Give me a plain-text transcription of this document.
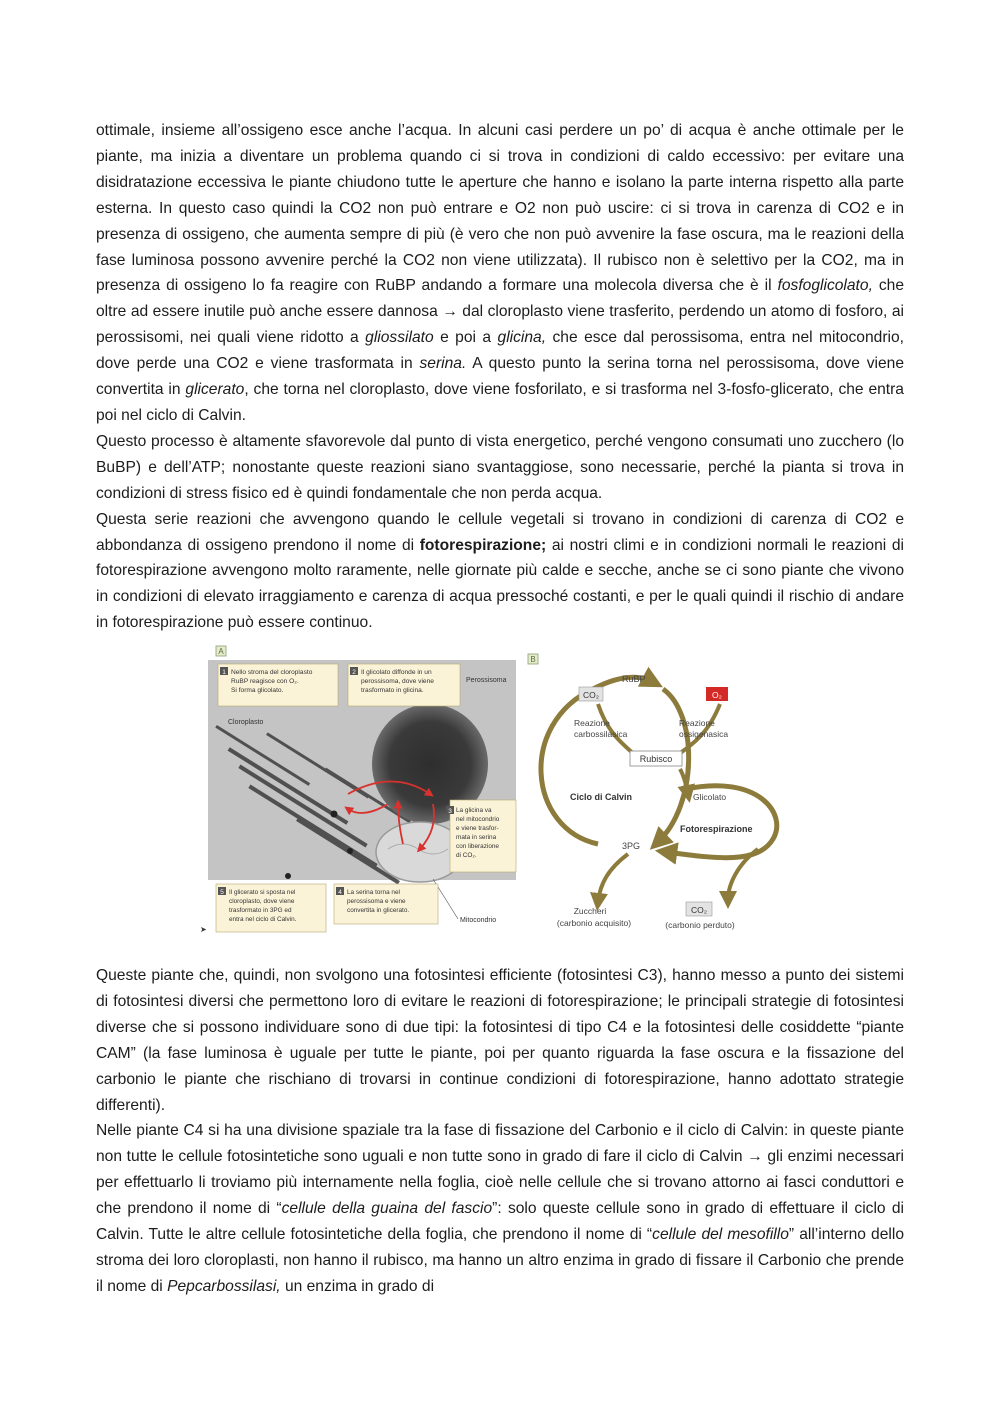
ottimale, insieme all’ossigeno esce anche l’acqua. In alcuni casi perdere un po’ di acqua è anche ottimale per le piante, ma inizia a diventare un problema quando ci si trova in condizioni di caldo eccessivo: per evitare una disidratazione eccessiva le piante chiudono tutte le aperture che hanno e isolano la parte interna rispetto alla parte esterna. In questo caso quindi la CO2 non può entrare e O2 non può uscire: ci si trova in carenza di CO2 e in presenza di ossigeno, che aumenta sempre di più (è vero che non può avvenire la fase oscura, ma le reazioni della fase luminosa possono avvenire perché la CO2 non viene utilizzata). Il rubisco non è selettivo per la CO2, ma in presenza di ossigeno lo fa reagire con RuBP andando a formare una molecola diversa che è il fosfoglicolato, che oltre ad essere inutile può anche essere dannosa → dal cloroplasto viene trasferito, perdendo un atomo di fosforo, ai perossisomi, nei quali viene ridotto a gliossilato e poi a glicina, che esce dal perossisoma, entra nel mitocondrio, dove perde una CO2 e viene trasformata in serina. A questo punto la serina torna nel perossisoma, dove viene convertita in glicerato, che torna nel cloroplasto, dove viene fosforilato, e si trasforma nel 3-fosfo-glicerato, che entra poi nel ciclo di Calvin.

Questo processo è altamente sfavorevole dal punto di vista energetico, perché vengono consumati uno zucchero (lo BuBP) e dell’ATP; nonostante queste reazioni siano svantaggiose, sono necessarie, perché la pianta si trova in condizioni di stress fisico ed è quindi fondamentale che non perda acqua.

Questa serie reazioni che avvengono quando le cellule vegetali si trovano in condizioni di carenza di CO2 e abbondanza di ossigeno prendono il nome di fotorespirazione; ai nostri climi e in condizioni normali le reazioni di fotorespirazione avvengono molto raramente, nelle giornate più calde e secche, anche se ci sono piante che vivono in condizioni di elevato irraggiamento e carenza di acqua pressoché costanti, e per le quali quindi il rischio di andare in fotorespirazione può essere continuo.

A
1 Nello stroma del cloroplasto
RuBP reagisce con O₂.
Si forma glicolato.
2 Il glicolato diffonde in un
perossisoma, dove viene
trasformato in glicina.
Perossisoma
Cloroplasto
Mitocondrio
3 La glicina va
nel mitocondrio
e viene trasfor-
mata in serina
con liberazione
di CO₂.
5 Il glicerato si sposta nel
cloroplasto, dove viene
trasformato in 3PG ed
entra nel ciclo di Calvin.
4 La serina torna nel
perossisoma e viene
convertita in glicerato.
➤
B
RuBP
CO₂	O₂
Reazione
carbossilasica
Reazione
ossigenasica
Rubisco
Glicolato
Ciclo di Calvin
Fotorespirazione
3PG
Zuccheri
(carbonio acquisito)
CO₂
(carbonio perduto)

Queste piante che, quindi, non svolgono una fotosintesi efficiente (fotosintesi C3), hanno messo a punto dei sistemi di fotosintesi diversi che permettono loro di evitare le reazioni di fotorespirazione; le principali strategie di fotosintesi diverse che si possono individuare sono di due tipi: la fotosintesi di tipo C4 e la fotosintesi delle cosiddette “piante CAM” (la fase luminosa è uguale per tutte le piante, poi per quanto riguarda la fase oscura e la fissazione del carbonio le piante che rischiano di trovarsi in continue condizioni di fotorespirazione, hanno adottato strategie differenti).

Nelle piante C4 si ha una divisione spaziale tra la fase di fissazione del Carbonio e il ciclo di Calvin: in queste piante non tutte le cellule fotosintetiche sono uguali e non tutte sono in grado di fare il ciclo di Calvin → gli enzimi necessari per effettuarlo li troviamo più internamente nella foglia, cioè nelle cellule che si trovano attorno ai fasci conduttori e che prendono il nome di “cellule della guaina del fascio”: solo queste cellule sono in grado di effettuare il ciclo di Calvin. Tutte le altre cellule fotosintetiche della foglia, che prendono il nome di “cellule del mesofillo” all’interno dello stroma dei loro cloroplasti, non hanno il rubisco, ma hanno un altro enzima in grado di fissare il Carbonio che prende il nome di Pepcarbossilasi, un enzima in grado di
